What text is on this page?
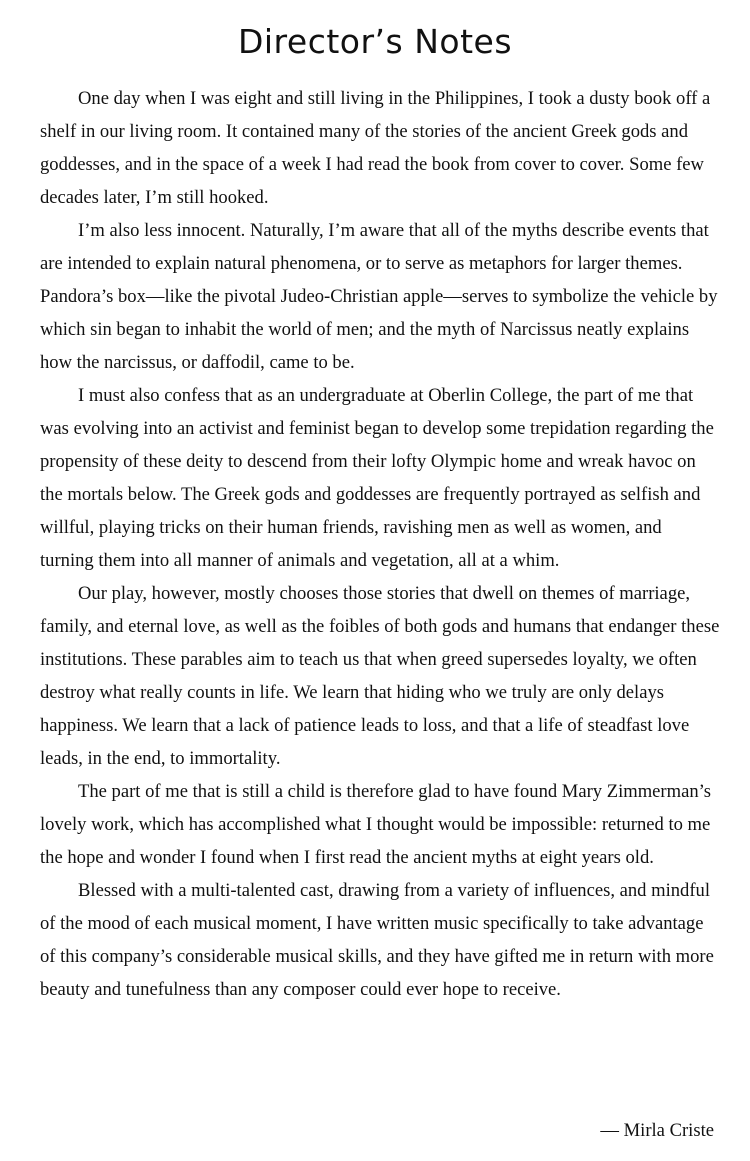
Director’s Notes

One day when I was eight and still living in the Philippines, I took a dusty book off a shelf in our living room. It contained many of the stories of the ancient Greek gods and goddesses, and in the space of a week I had read the book from cover to cover. Some few decades later, I’m still hooked.

I’m also less innocent. Naturally, I’m aware that all of the myths describe events that are intended to explain natural phenomena, or to serve as metaphors for larger themes. Pandora’s box—like the pivotal Judeo-Christian apple—serves to symbolize the vehicle by which sin began to inhabit the world of men; and the myth of Narcissus neatly explains how the narcissus, or daffodil, came to be.

I must also confess that as an undergraduate at Oberlin College, the part of me that was evolving into an activist and feminist began to develop some trepidation regarding the propensity of these deity to descend from their lofty Olympic home and wreak havoc on the mortals below. The Greek gods and goddesses are frequently portrayed as selfish and willful, playing tricks on their human friends, ravishing men as well as women, and turning them into all manner of animals and vegetation, all at a whim.

Our play, however, mostly chooses those stories that dwell on themes of marriage, family, and eternal love, as well as the foibles of both gods and humans that endanger these institutions. These parables aim to teach us that when greed supersedes loyalty, we often destroy what really counts in life. We learn that hiding who we truly are only delays happiness. We learn that a lack of patience leads to loss, and that a life of steadfast love leads, in the end, to immortality.

The part of me that is still a child is therefore glad to have found Mary Zimmerman’s lovely work, which has accomplished what I thought would be impossible: returned to me the hope and wonder I found when I first read the ancient myths at eight years old.

Blessed with a multi-talented cast, drawing from a variety of influences, and mindful of the mood of each musical moment, I have written music specifically to take advantage of this company’s considerable musical skills, and they have gifted me in return with more beauty and tunefulness than any composer could ever hope to receive.

— Mirla Criste
